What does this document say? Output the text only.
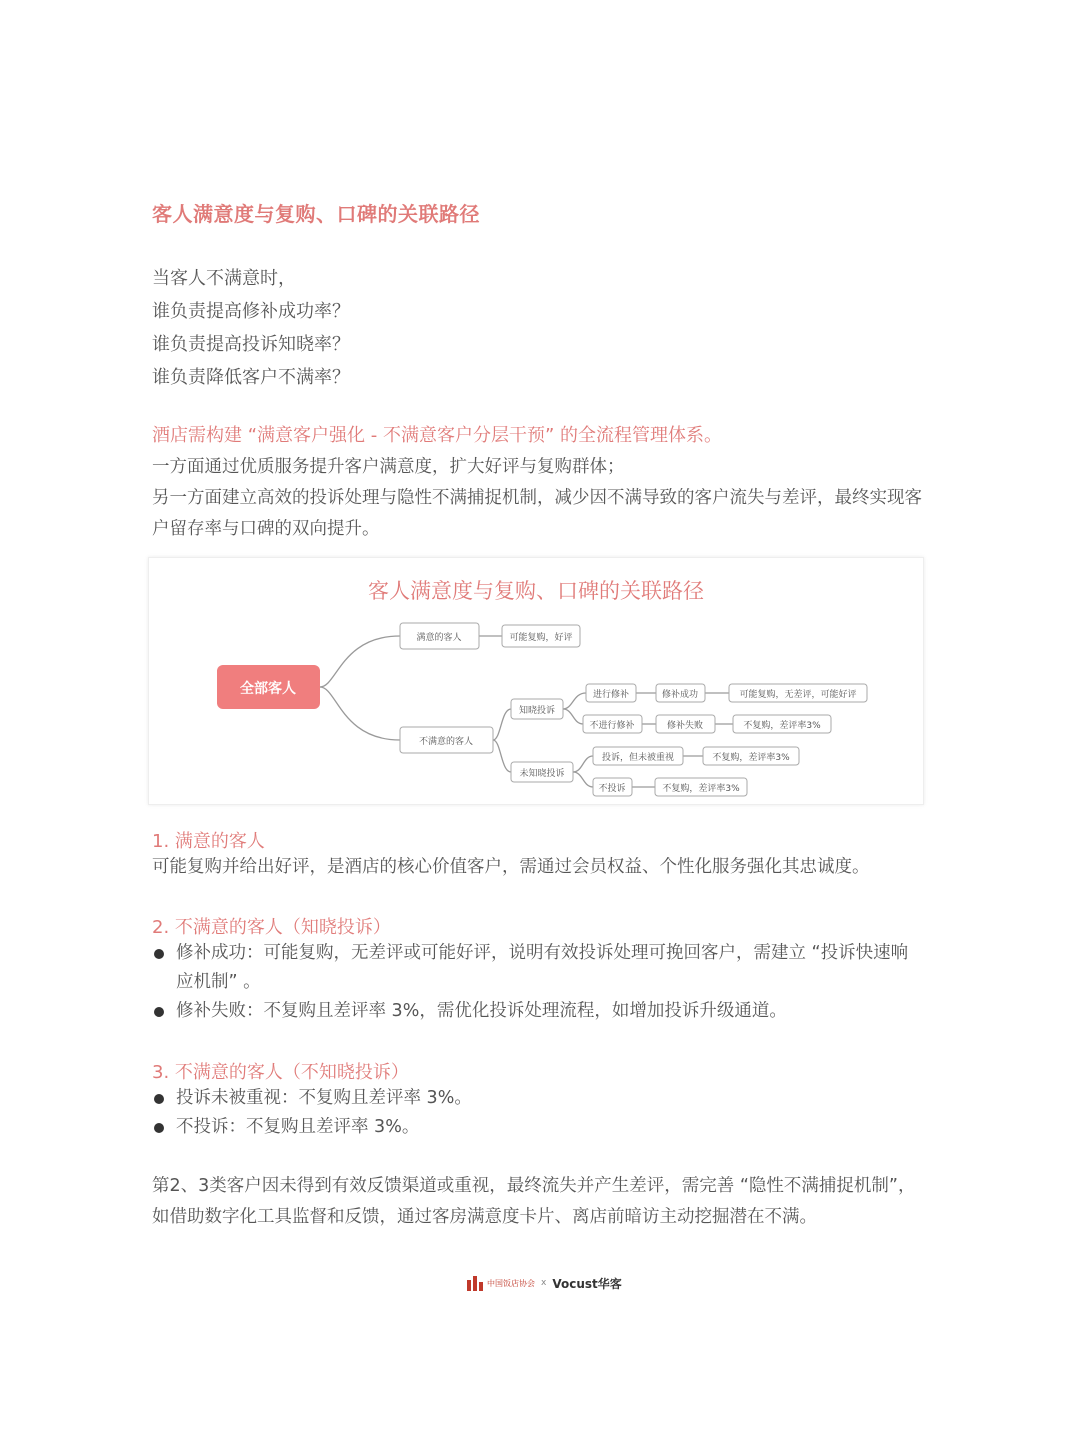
客人满意度与复购、口碑的关联路径
当客人不满意时，
谁负责提高修补成功率？
谁负责提高投诉知晓率？
谁负责降低客户不满率？
酒店需构建 “满意客户强化 - 不满意客户分层干预” 的全流程管理体系。
一方面通过优质服务提升客户满意度，扩大好评与复购群体；
另一方面建立高效的投诉处理与隐性不满捕捉机制，减少因不满导致的客户流失与差评，最终实现客户留存率与口碑的双向提升。
客人满意度与复购、口碑的关联路径
全部客人
满意的客人	可能复购，好评
不满意的客人
知晓投诉
未知晓投诉
进行修补
不进行修补
修补成功
修补失败
可能复购，无差评，可能好评
不复购，差评率3%
投诉，但未被重视	不复购，差评率3%
不投诉	不复购，差评率3%
1. 满意的客人
可能复购并给出好评，是酒店的核心价值客户，需通过会员权益、个性化服务强化其忠诚度。
2. 不满意的客人（知晓投诉）
修补成功：可能复购，无差评或可能好评，说明有效投诉处理可挽回客户，需建立 “投诉快速响应机制” 。
修补失败：不复购且差评率 3%，需优化投诉处理流程，如增加投诉升级通道。
3. 不满意的客人（不知晓投诉）
投诉未被重视：不复购且差评率 3%。
不投诉：不复购且差评率 3%。
第2、3类客户因未得到有效反馈渠道或重视，最终流失并产生差评，需完善 “隐性不满捕捉机制”，如借助数字化工具监督和反馈，通过客房满意度卡片、离店前暗访主动挖掘潜在不满。
中国饭店协会 x Vocust华客
